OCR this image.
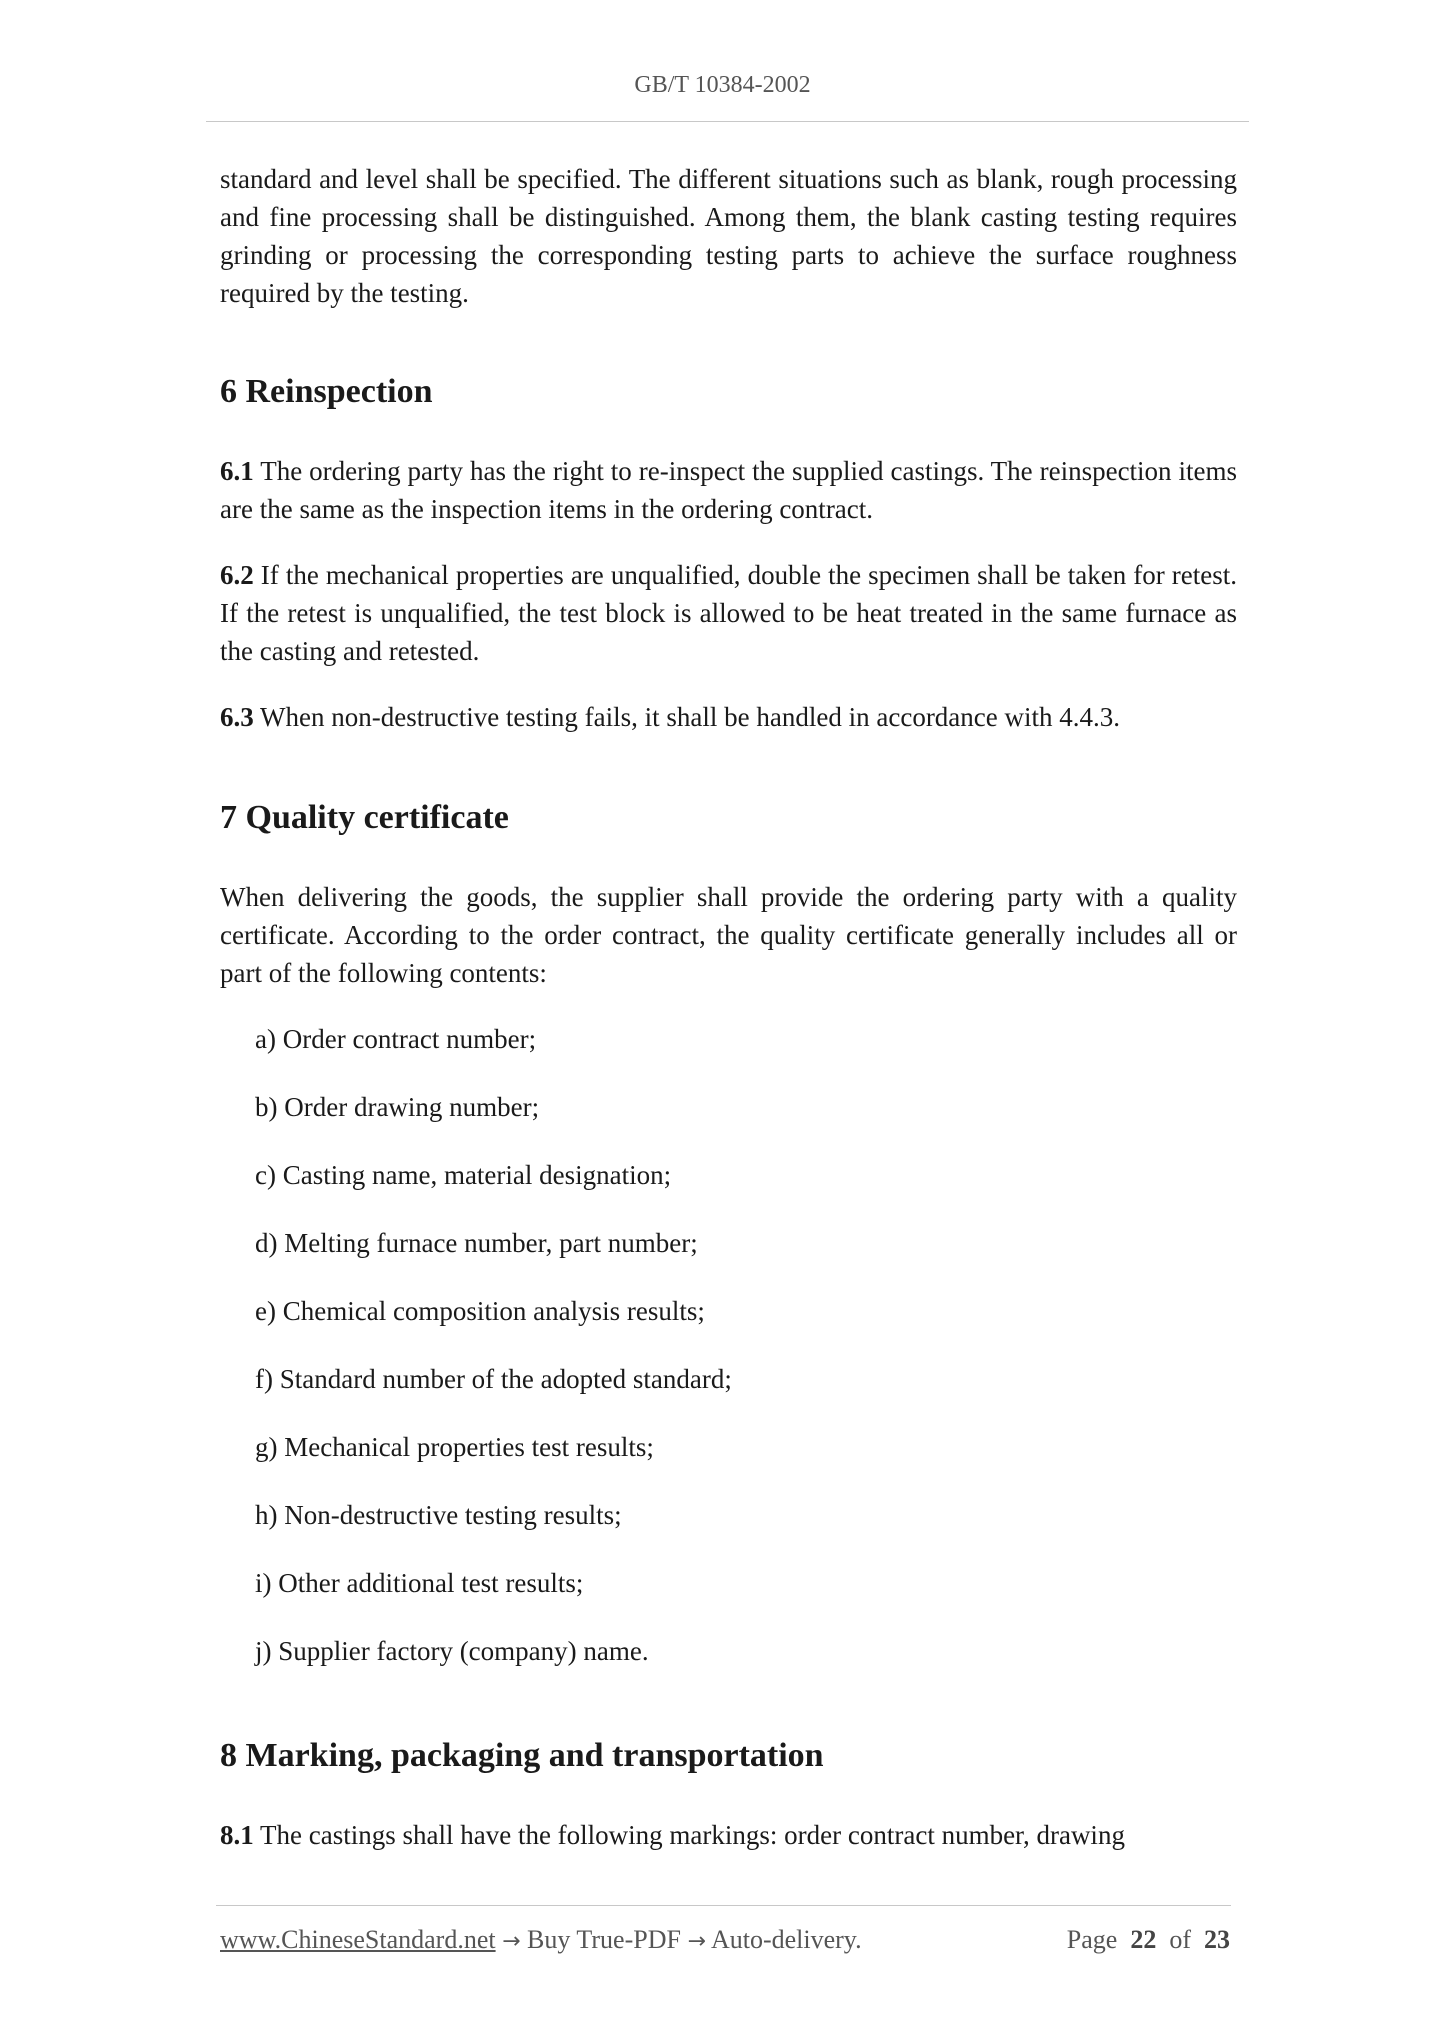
GB/T 10384-2002

standard and level shall be specified. The different situations such as blank, rough processing and fine processing shall be distinguished. Among them, the blank casting testing requires grinding or processing the corresponding testing parts to achieve the surface roughness required by the testing.

6 Reinspection

6.1 The ordering party has the right to re-inspect the supplied castings. The reinspection items are the same as the inspection items in the ordering contract.

6.2 If the mechanical properties are unqualified, double the specimen shall be taken for retest. If the retest is unqualified, the test block is allowed to be heat treated in the same furnace as the casting and retested.

6.3 When non-destructive testing fails, it shall be handled in accordance with 4.4.3.

7 Quality certificate

When delivering the goods, the supplier shall provide the ordering party with a quality certificate. According to the order contract, the quality certificate generally includes all or part of the following contents:

a) Order contract number;
b) Order drawing number;
c) Casting name, material designation;
d) Melting furnace number, part number;
e) Chemical composition analysis results;
f) Standard number of the adopted standard;
g) Mechanical properties test results;
h) Non-destructive testing results;
i) Other additional test results;
j) Supplier factory (company) name.
8 Marking, packaging and transportation

8.1 The castings shall have the following markings: order contract number, drawing

www.ChineseStandard.net → Buy True-PDF → Auto-delivery.	Page 22 of 23
